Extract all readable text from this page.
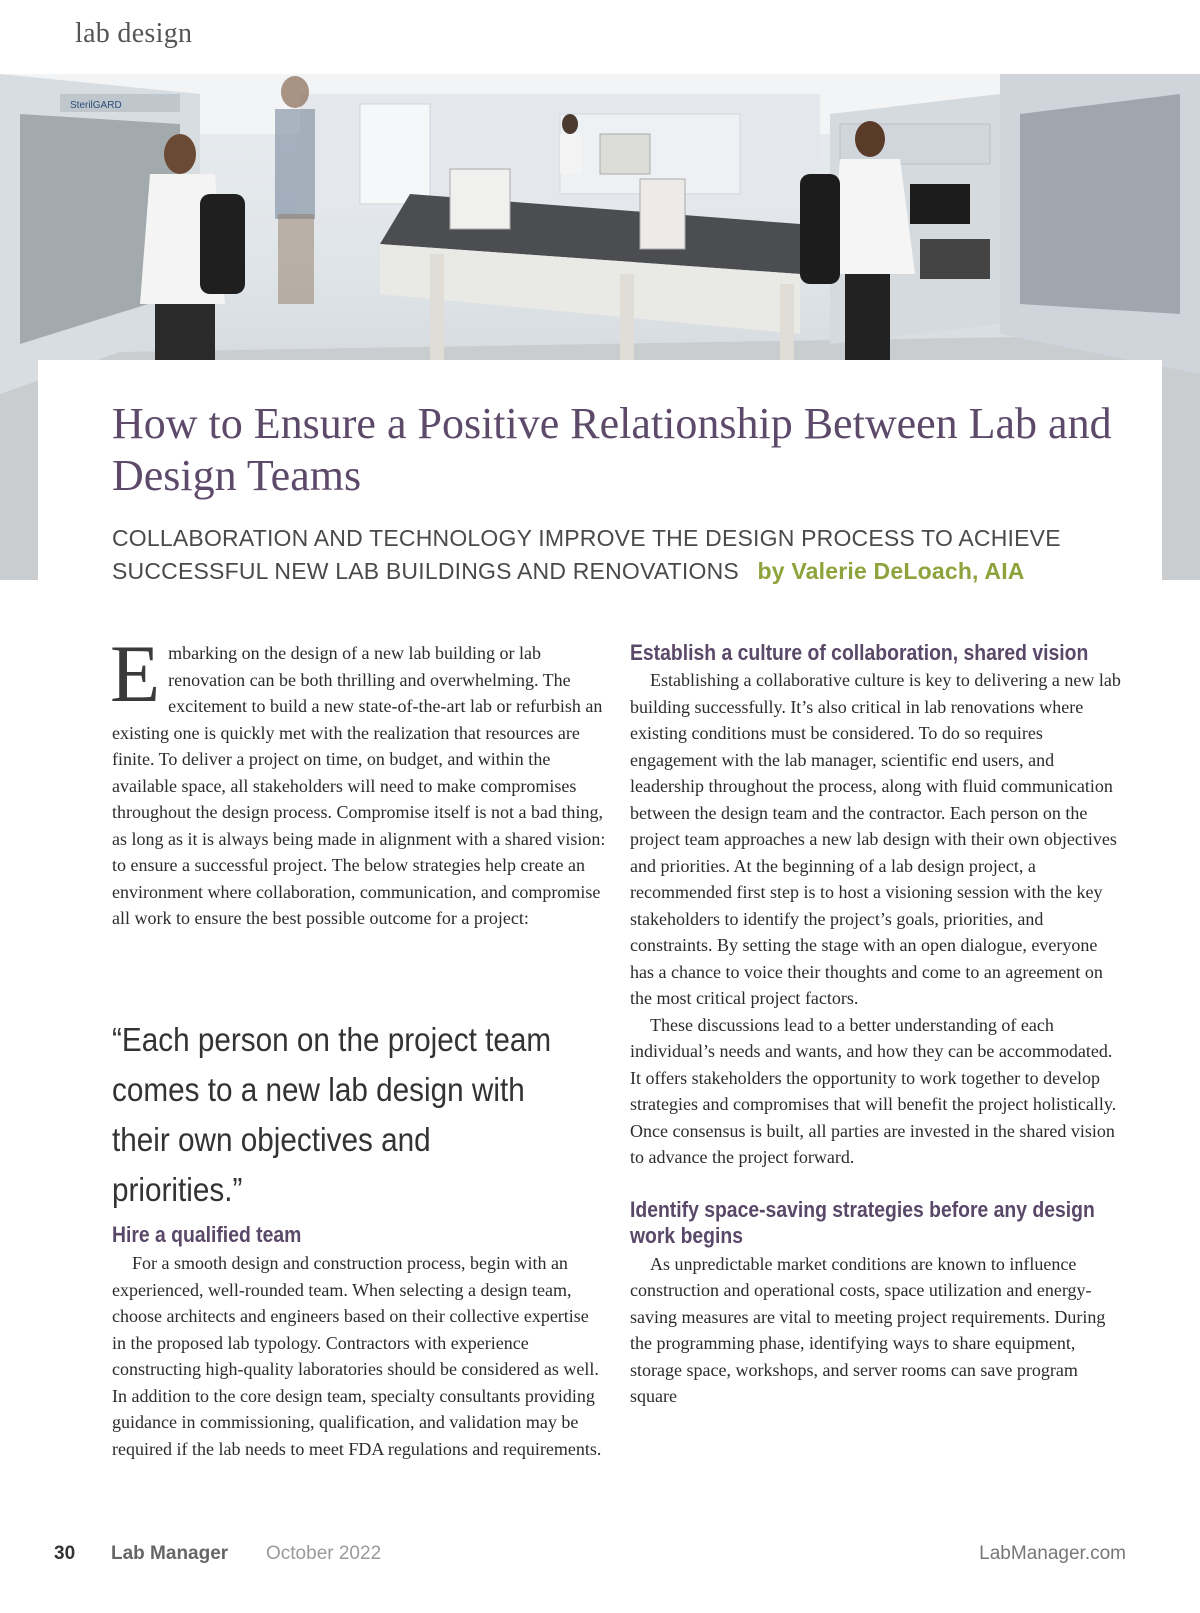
lab design
SterilGARD
How to Ensure a Positive Relationship Between Lab and Design Teams
COLLABORATION AND TECHNOLOGY IMPROVE THE DESIGN PROCESS TO ACHIEVE SUCCESSFUL NEW LAB BUILDINGS AND RENOVATIONS by Valerie DeLoach, AIA

E mbarking on the design of a new lab building or lab renovation can be both thrilling and overwhelming. The excitement to build a new state-of-the-art lab or refurbish an existing one is quickly met with the realization that resources are finite. To deliver a project on time, on budget, and within the available space, all stakeholders will need to make compromises throughout the design process. Compromise itself is not a bad thing, as long as it is always being made in alignment with a shared vision: to ensure a successful project. The below strategies help create an environment where collaboration, communication, and compromise all work to ensure the best possible outcome for a project:

“Each person on the project team comes to a new lab design with their own objectives and priorities.”
Hire a qualified team

For a smooth design and construction process, begin with an experienced, well-rounded team. When selecting a design team, choose architects and engineers based on their collective expertise in the proposed lab typology. Contractors with experience constructing high-quality laboratories should be considered as well. In addition to the core design team, specialty consultants providing guidance in commissioning, qualification, and validation may be required if the lab needs to meet FDA regulations and requirements.

Establish a culture of collaboration, shared vision

Establishing a collaborative culture is key to delivering a new lab building successfully. It’s also critical in lab renovations where existing conditions must be considered. To do so requires engagement with the lab manager, scientific end users, and leadership throughout the process, along with fluid communication between the design team and the contractor. Each person on the project team approaches a new lab design with their own objectives and priorities. At the beginning of a lab design project, a recommended first step is to host a visioning session with the key stakeholders to identify the project’s goals, priorities, and constraints. By setting the stage with an open dialogue, everyone has a chance to voice their thoughts and come to an agreement on the most critical project factors.

These discussions lead to a better understanding of each individual’s needs and wants, and how they can be accommodated. It offers stakeholders the opportunity to work together to develop strategies and compromises that will benefit the project holistically. Once consensus is built, all parties are invested in the shared vision to advance the project forward.

Identify space-saving strategies before any design work begins

As unpredictable market conditions are known to influence construction and operational costs, space utilization and energy-saving measures are vital to meeting project requirements. During the programming phase, identifying ways to share equipment, storage space, workshops, and server rooms can save program square

30 Lab Manager October 2022	LabManager.com
